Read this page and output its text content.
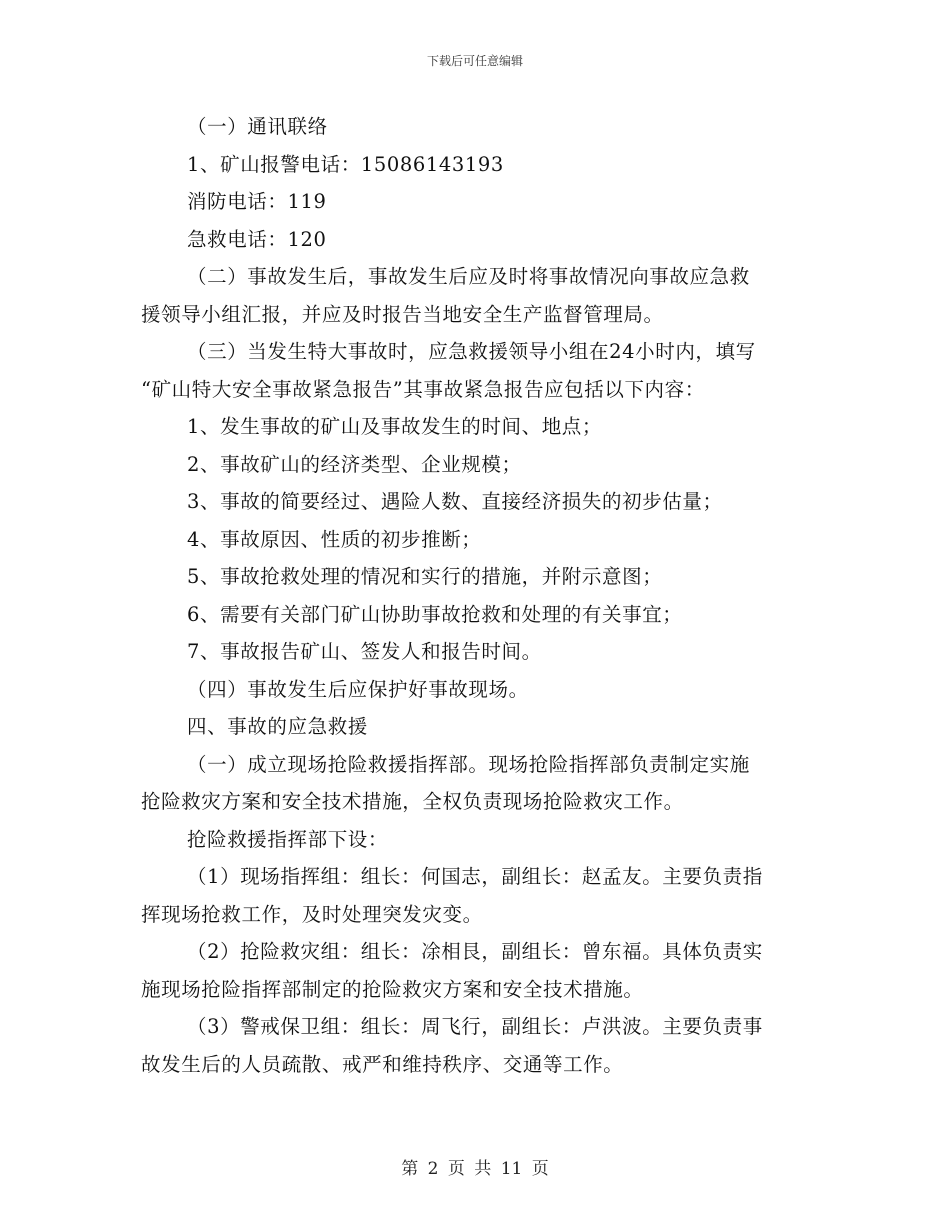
下载后可任意编辑
（一）通讯联络
1、矿山报警电话：15086143193
消防电话：119
急救电话：120
（二）事故发生后，事故发生后应及时将事故情况向事故应急救
援领导小组汇报，并应及时报告当地安全生产监督管理局。
（三）当发生特大事故时，应急救援领导小组在24小时内，填写
“矿山特大安全事故紧急报告”其事故紧急报告应包括以下内容：
1、发生事故的矿山及事故发生的时间、地点；
2、事故矿山的经济类型、企业规模；
3、事故的简要经过、遇险人数、直接经济损失的初步估量；
4、事故原因、性质的初步推断；
5、事故抢救处理的情况和实行的措施，并附示意图；
6、需要有关部门矿山协助事故抢救和处理的有关事宜；
7、事故报告矿山、签发人和报告时间。
（四）事故发生后应保护好事故现场。
四、事故的应急救援
（一）成立现场抢险救援指挥部。现场抢险指挥部负责制定实施
抢险救灾方案和安全技术措施，全权负责现场抢险救灾工作。
抢险救援指挥部下设：
（1）现场指挥组：组长：何国志，副组长：赵孟友。主要负责指
挥现场抢救工作，及时处理突发灾变。
（2）抢险救灾组：组长：凃相艮，副组长：曾东福。具体负责实
施现场抢险指挥部制定的抢险救灾方案和安全技术措施。
（3）警戒保卫组：组长：周飞行，副组长：卢洪波。主要负责事
故发生后的人员疏散、戒严和维持秩序、交通等工作。
第 2 页 共 11 页
